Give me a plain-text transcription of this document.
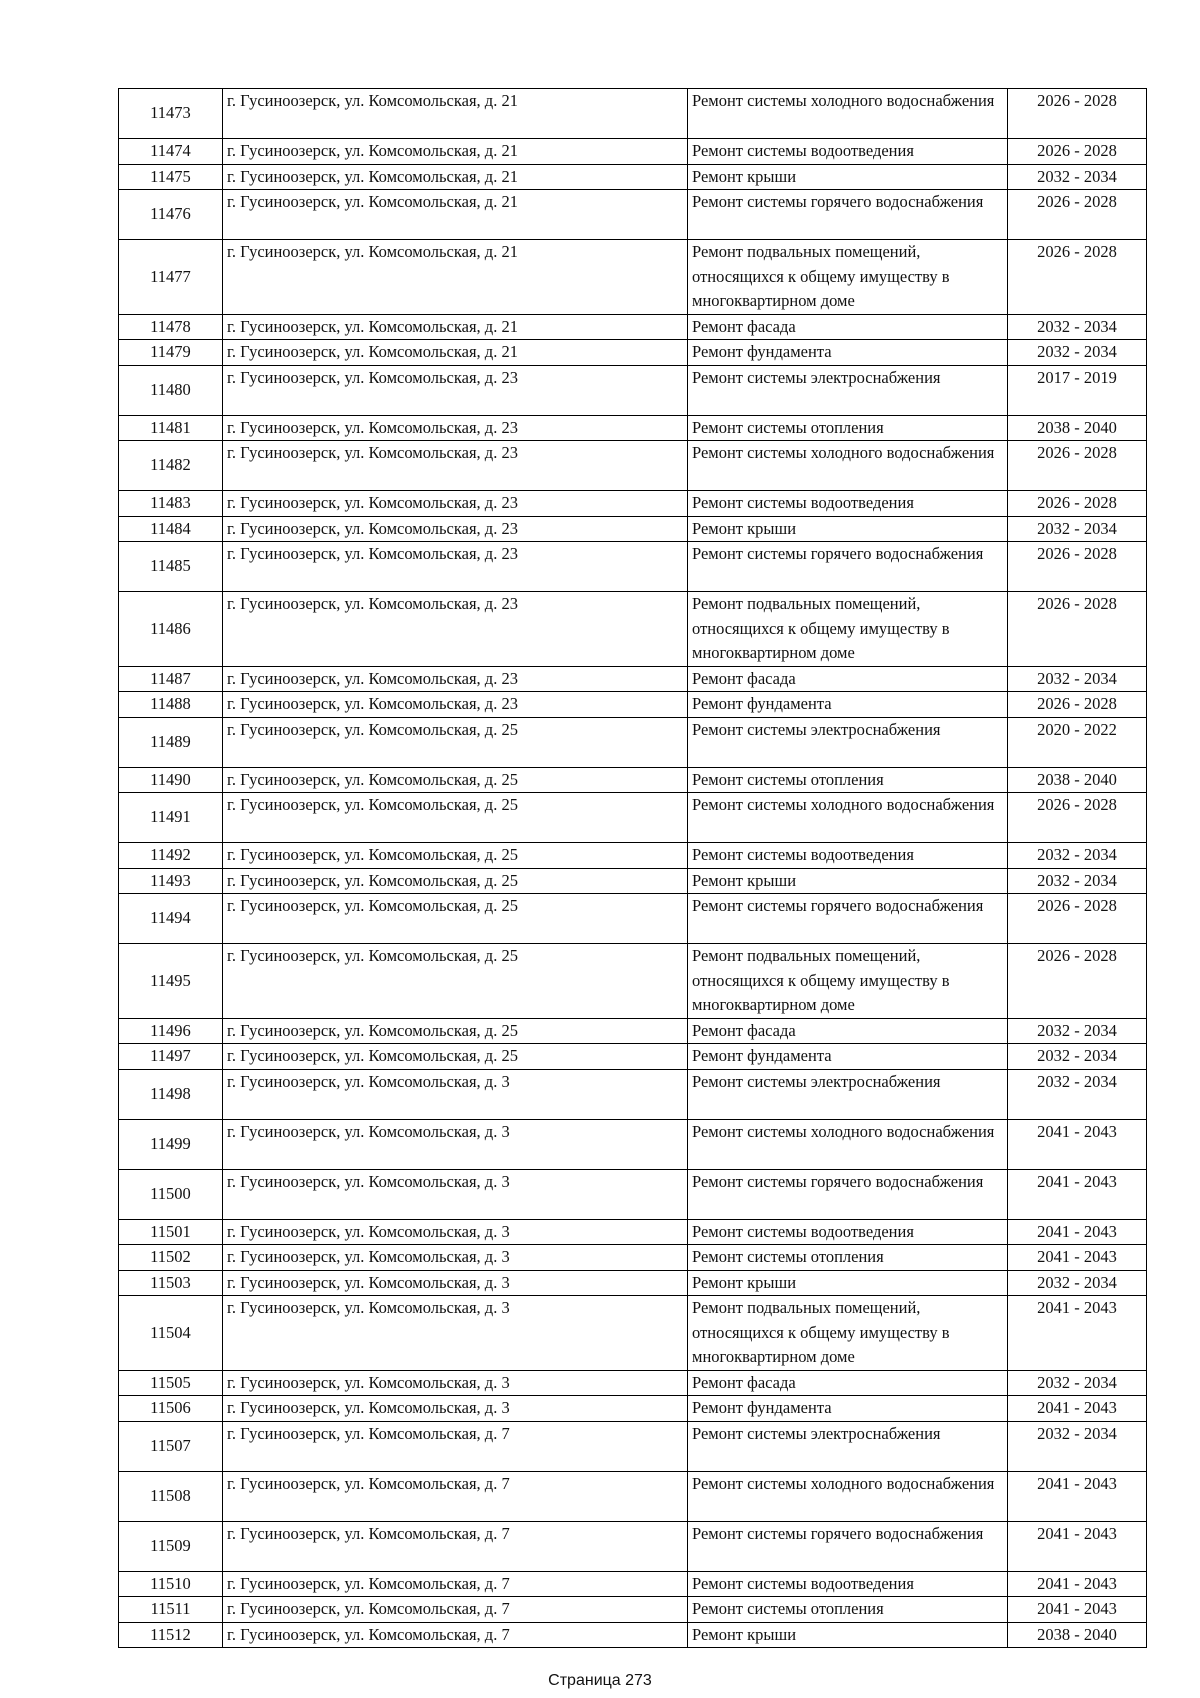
11473	г. Гусиноозерск, ул. Комсомольская, д. 21	Ремонт системы холодного водоснабжения	2026 - 2028
11474	г. Гусиноозерск, ул. Комсомольская, д. 21	Ремонт системы водоотведения	2026 - 2028
11475	г. Гусиноозерск, ул. Комсомольская, д. 21	Ремонт крыши	2032 - 2034
11476	г. Гусиноозерск, ул. Комсомольская, д. 21	Ремонт системы горячего водоснабжения	2026 - 2028
11477	г. Гусиноозерск, ул. Комсомольская, д. 21	Ремонт подвальных помещений, относящихся к общему имуществу в многоквартирном доме	2026 - 2028
11478	г. Гусиноозерск, ул. Комсомольская, д. 21	Ремонт фасада	2032 - 2034
11479	г. Гусиноозерск, ул. Комсомольская, д. 21	Ремонт фундамента	2032 - 2034
11480	г. Гусиноозерск, ул. Комсомольская, д. 23	Ремонт системы электроснабжения	2017 - 2019
11481	г. Гусиноозерск, ул. Комсомольская, д. 23	Ремонт системы отопления	2038 - 2040
11482	г. Гусиноозерск, ул. Комсомольская, д. 23	Ремонт системы холодного водоснабжения	2026 - 2028
11483	г. Гусиноозерск, ул. Комсомольская, д. 23	Ремонт системы водоотведения	2026 - 2028
11484	г. Гусиноозерск, ул. Комсомольская, д. 23	Ремонт крыши	2032 - 2034
11485	г. Гусиноозерск, ул. Комсомольская, д. 23	Ремонт системы горячего водоснабжения	2026 - 2028
11486	г. Гусиноозерск, ул. Комсомольская, д. 23	Ремонт подвальных помещений, относящихся к общему имуществу в многоквартирном доме	2026 - 2028
11487	г. Гусиноозерск, ул. Комсомольская, д. 23	Ремонт фасада	2032 - 2034
11488	г. Гусиноозерск, ул. Комсомольская, д. 23	Ремонт фундамента	2026 - 2028
11489	г. Гусиноозерск, ул. Комсомольская, д. 25	Ремонт системы электроснабжения	2020 - 2022
11490	г. Гусиноозерск, ул. Комсомольская, д. 25	Ремонт системы отопления	2038 - 2040
11491	г. Гусиноозерск, ул. Комсомольская, д. 25	Ремонт системы холодного водоснабжения	2026 - 2028
11492	г. Гусиноозерск, ул. Комсомольская, д. 25	Ремонт системы водоотведения	2032 - 2034
11493	г. Гусиноозерск, ул. Комсомольская, д. 25	Ремонт крыши	2032 - 2034
11494	г. Гусиноозерск, ул. Комсомольская, д. 25	Ремонт системы горячего водоснабжения	2026 - 2028
11495	г. Гусиноозерск, ул. Комсомольская, д. 25	Ремонт подвальных помещений, относящихся к общему имуществу в многоквартирном доме	2026 - 2028
11496	г. Гусиноозерск, ул. Комсомольская, д. 25	Ремонт фасада	2032 - 2034
11497	г. Гусиноозерск, ул. Комсомольская, д. 25	Ремонт фундамента	2032 - 2034
11498	г. Гусиноозерск, ул. Комсомольская, д. 3	Ремонт системы электроснабжения	2032 - 2034
11499	г. Гусиноозерск, ул. Комсомольская, д. 3	Ремонт системы холодного водоснабжения	2041 - 2043
11500	г. Гусиноозерск, ул. Комсомольская, д. 3	Ремонт системы горячего водоснабжения	2041 - 2043
11501	г. Гусиноозерск, ул. Комсомольская, д. 3	Ремонт системы водоотведения	2041 - 2043
11502	г. Гусиноозерск, ул. Комсомольская, д. 3	Ремонт системы отопления	2041 - 2043
11503	г. Гусиноозерск, ул. Комсомольская, д. 3	Ремонт крыши	2032 - 2034
11504	г. Гусиноозерск, ул. Комсомольская, д. 3	Ремонт подвальных помещений, относящихся к общему имуществу в многоквартирном доме	2041 - 2043
11505	г. Гусиноозерск, ул. Комсомольская, д. 3	Ремонт фасада	2032 - 2034
11506	г. Гусиноозерск, ул. Комсомольская, д. 3	Ремонт фундамента	2041 - 2043
11507	г. Гусиноозерск, ул. Комсомольская, д. 7	Ремонт системы электроснабжения	2032 - 2034
11508	г. Гусиноозерск, ул. Комсомольская, д. 7	Ремонт системы холодного водоснабжения	2041 - 2043
11509	г. Гусиноозерск, ул. Комсомольская, д. 7	Ремонт системы горячего водоснабжения	2041 - 2043
11510	г. Гусиноозерск, ул. Комсомольская, д. 7	Ремонт системы водоотведения	2041 - 2043
11511	г. Гусиноозерск, ул. Комсомольская, д. 7	Ремонт системы отопления	2041 - 2043
11512	г. Гусиноозерск, ул. Комсомольская, д. 7	Ремонт крыши	2038 - 2040
Страница 273
